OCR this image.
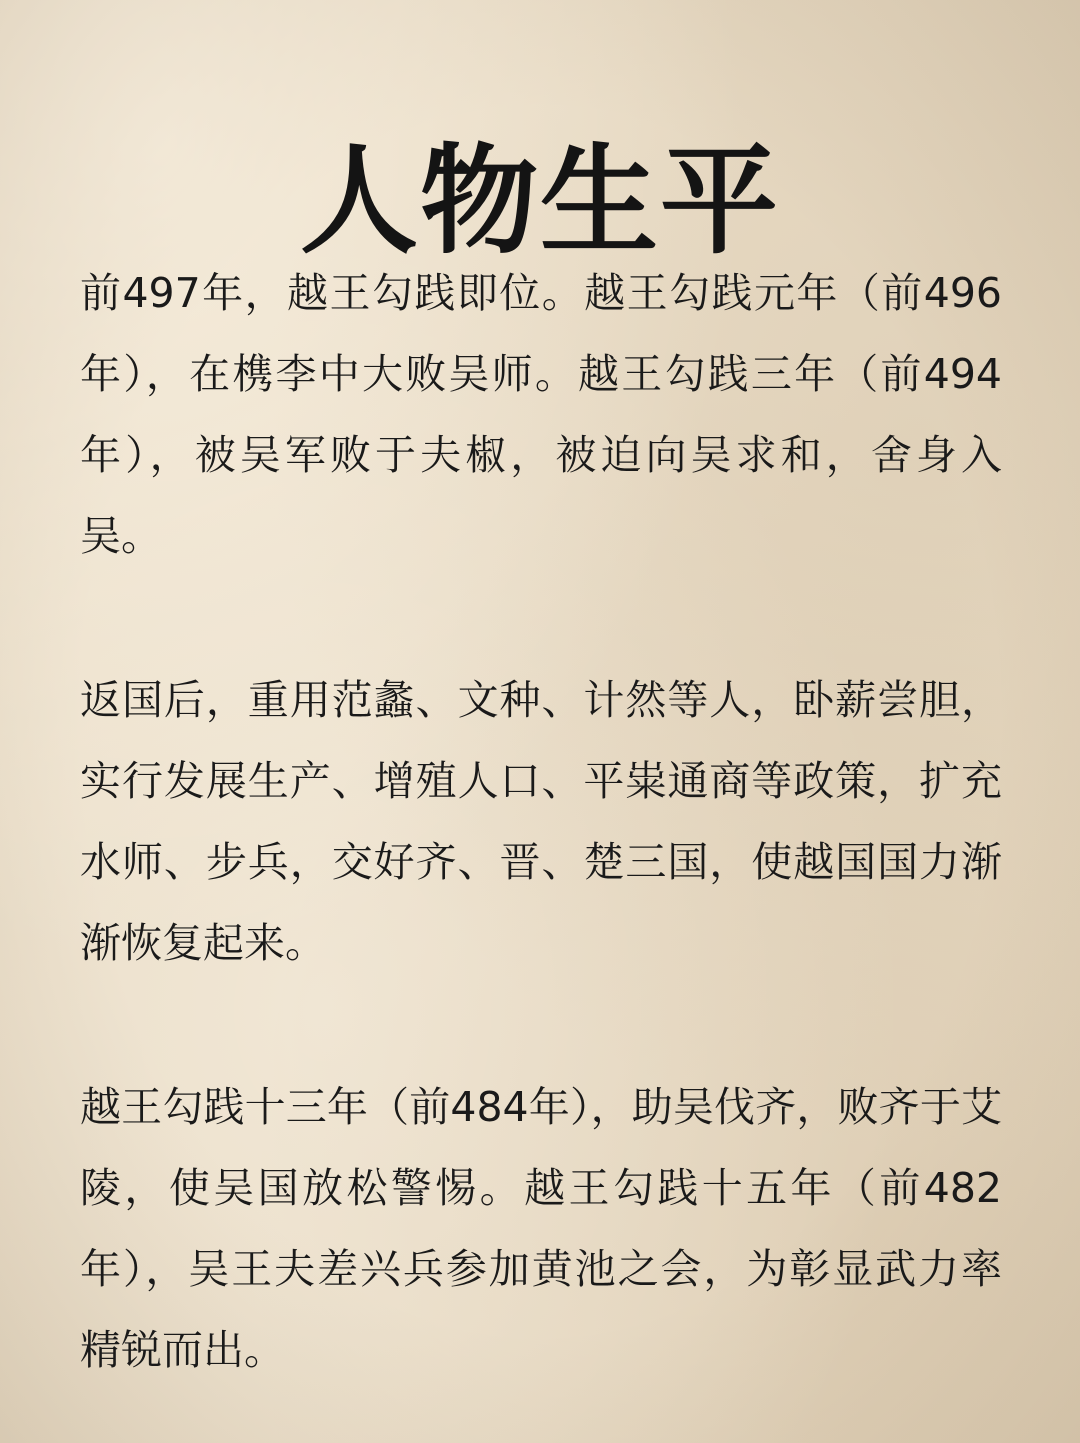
人物生平

前497年，越王勾践即位。越王勾践元年（前496年），在槜李中大败吴师。越王勾践三年（前494年），被吴军败于夫椒，被迫向吴求和，舍身入吴。

返国后，重用范蠡、文种、计然等人，卧薪尝胆，实行发展生产、增殖人口、平粜通商等政策，扩充水师、步兵，交好齐、晋、楚三国，使越国国力渐渐恢复起来。

越王勾践十三年（前484年），助吴伐齐，败齐于艾陵，使吴国放松警惕。越王勾践十五年（前482年），吴王夫差兴兵参加黄池之会，为彰显武力率精锐而出。
